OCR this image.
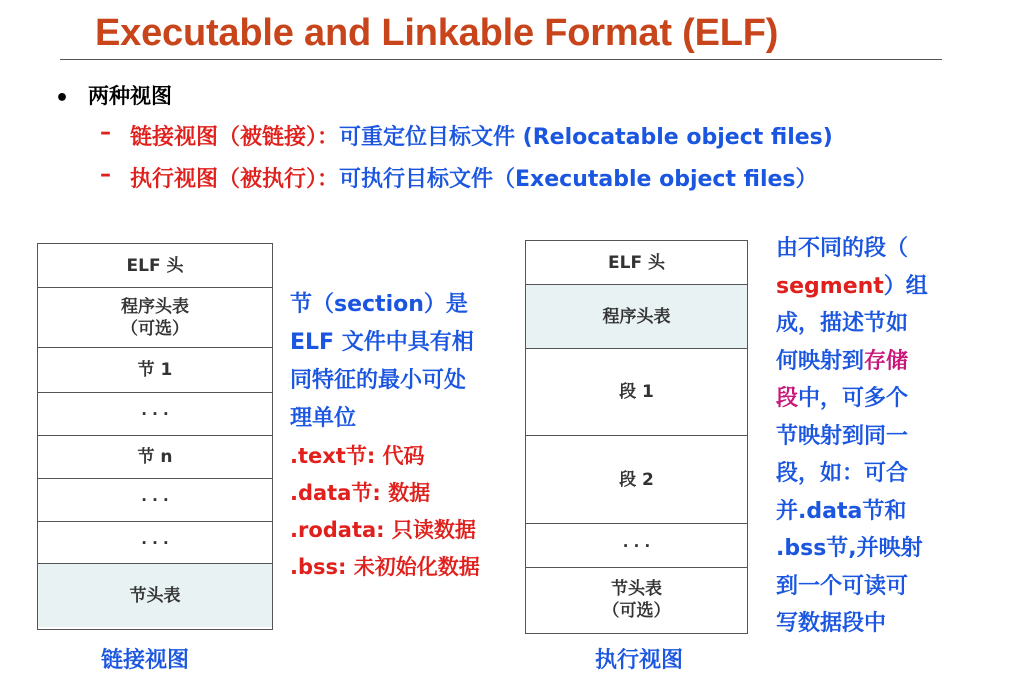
Executable and Linkable Format (ELF)
• 两种视图
– 链接视图（被链接）：可重定位目标文件 (Relocatable object files)
– 执行视图（被执行）：可执行目标文件（Executable object files）
ELF 头
程序头表
（可选）
节 1
· · ·
节 n
· · ·
· · ·
节头表
链接视图
节（section）是
ELF 文件中具有相
同特征的最小可处
理单位
.text节: 代码
.data节: 数据
.rodata: 只读数据
.bss: 未初始化数据
ELF 头
程序头表
段 1
段 2
· · ·
节头表
（可选）
执行视图
由不同的段（
segment）组
成，描述节如
何映射到存储
段中，可多个
节映射到同一
段，如：可合
并.data节和
.bss节,并映射
到一个可读可
写数据段中
